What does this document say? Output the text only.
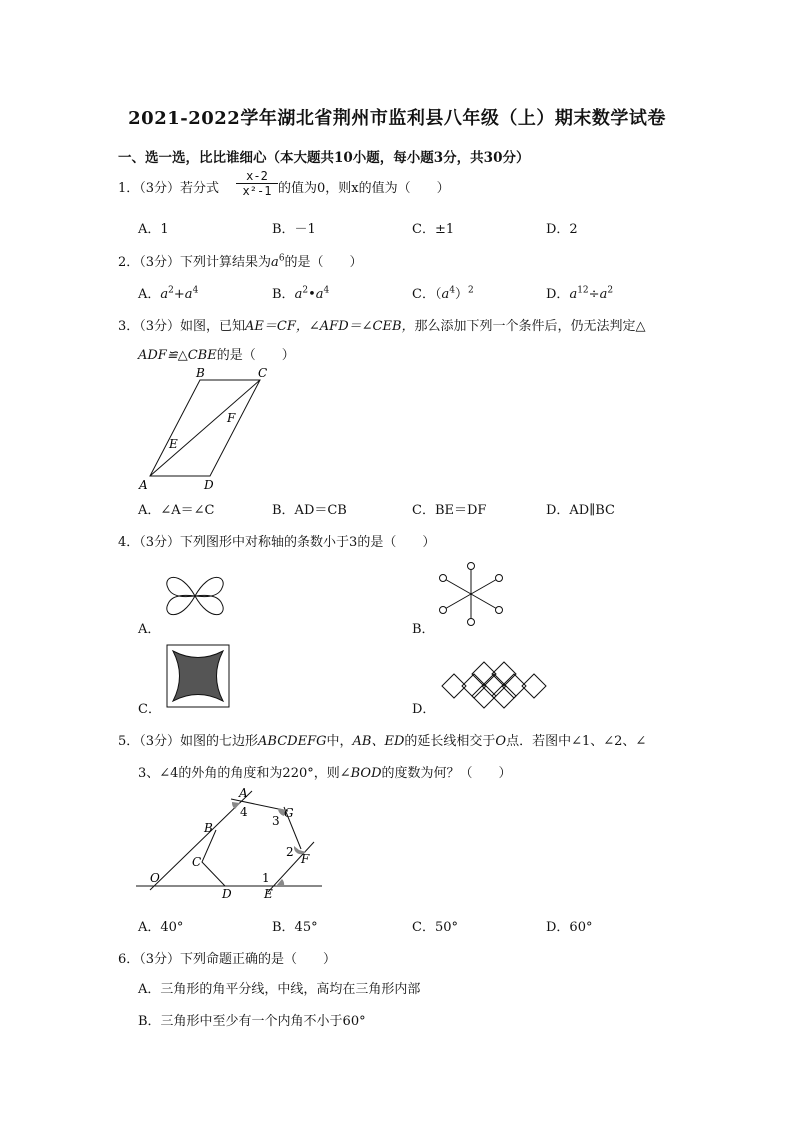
2021-2022学年湖北省荆州市监利县八年级（上）期末数学试卷
一、选一选，比比谁细心（本大题共10小题，每小题3分，共30分）
1．（3分）若分式 $\frac{x-2}{\text{x²-1}}$ 的值为0，则x的值为（　　）
A．1	B．－1	C．±1	D．2
2．（3分）下列计算结果为$a^6$的是（　　）
A．$a^2+a^4$	B．$a^2•a^4$	C．$(a^4)^2$	D．$a^{12}\div a^2$
3．（3分）如图，已知AE＝CF，∠AFD＝∠CEB，那么添加下列一个条件后，仍无法判定△
ADF≌△CBE的是（　　）
B	C
F
E
A	D
A．∠A＝∠C	B．AD＝CB	C．BE＝DF	D．AD∥BC
4．（3分）下列图形中对称轴的条数小于3的是（　　）
A．	B．
C．	D．
5．（3分）如图的七边形ABCDEFG中，AB、ED的延长线相交于O点．若图中∠1、∠2、∠
3、∠4的外角的角度和为220°，则∠BOD的度数为何？（　　）
A
4
3
G
B
C
2 F
O
D
1
E
A．40°	B．45°	C．50°	D．60°
6．（3分）下列命题正确的是（　　）
A．三角形的角平分线，中线，高均在三角形内部
B．三角形中至少有一个内角不小于60°
